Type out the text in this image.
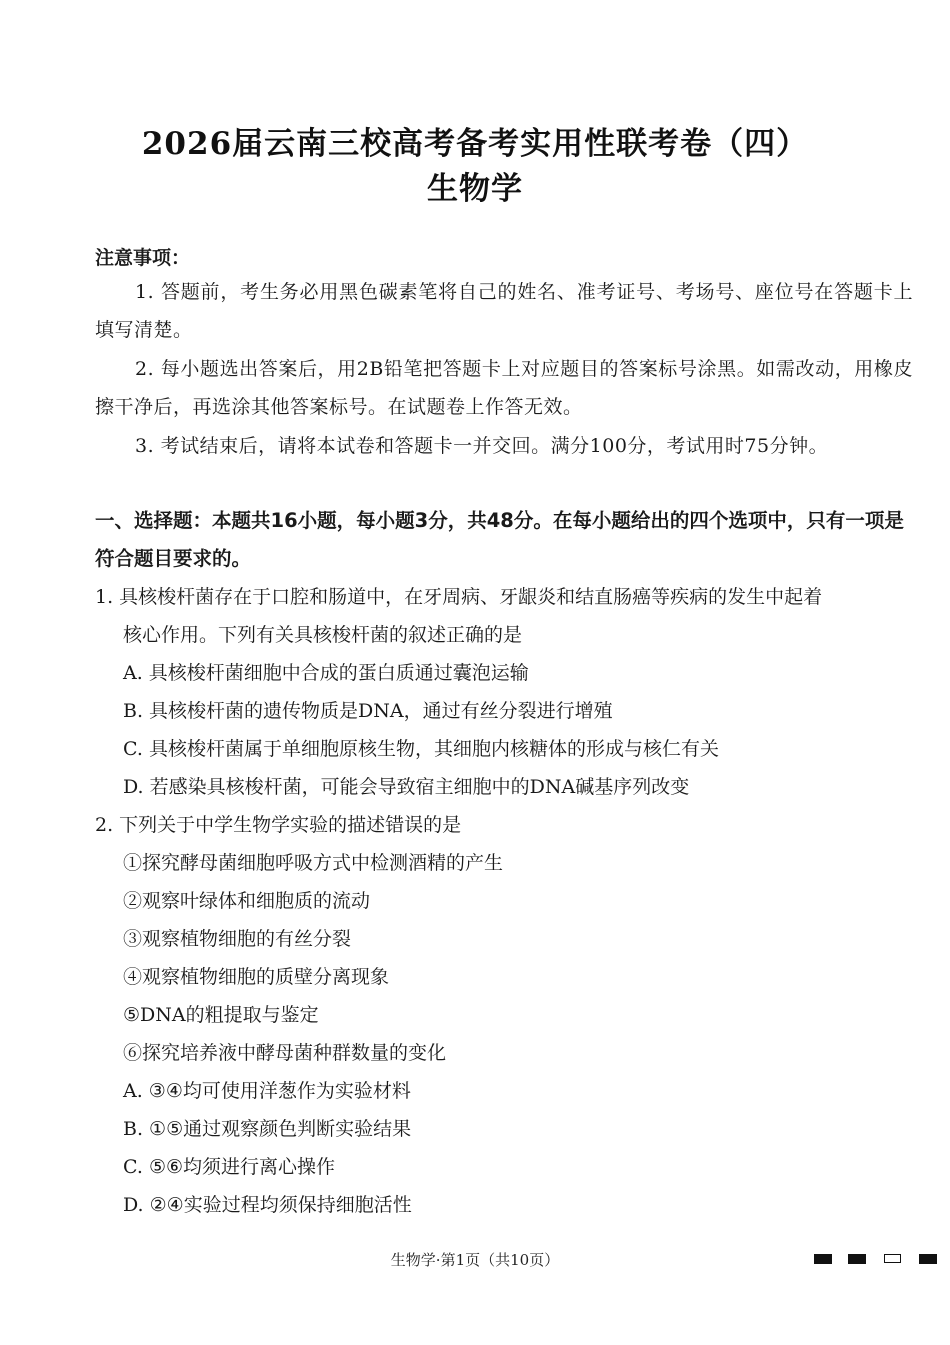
2026届云南三校高考备考实用性联考卷（四）
生物学
注意事项：
1. 答题前，考生务必用黑色碳素笔将自己的姓名、准考证号、考场号、座位号在答题卡上填写清楚。
2. 每小题选出答案后，用2B铅笔把答题卡上对应题目的答案标号涂黑。如需改动，用橡皮擦干净后，再选涂其他答案标号。在试题卷上作答无效。
3. 考试结束后，请将本试卷和答题卡一并交回。满分100分，考试用时75分钟。
一、选择题：本题共16小题，每小题3分，共48分。在每小题给出的四个选项中，只有一项是符合题目要求的。
1. 具核梭杆菌存在于口腔和肠道中，在牙周病、牙龈炎和结直肠癌等疾病的发生中起着
核心作用。下列有关具核梭杆菌的叙述正确的是
A. 具核梭杆菌细胞中合成的蛋白质通过囊泡运输
B. 具核梭杆菌的遗传物质是DNA，通过有丝分裂进行增殖
C. 具核梭杆菌属于单细胞原核生物，其细胞内核糖体的形成与核仁有关
D. 若感染具核梭杆菌，可能会导致宿主细胞中的DNA碱基序列改变
2. 下列关于中学生物学实验的描述错误的是
①探究酵母菌细胞呼吸方式中检测酒精的产生
②观察叶绿体和细胞质的流动
③观察植物细胞的有丝分裂
④观察植物细胞的质壁分离现象
⑤DNA的粗提取与鉴定
⑥探究培养液中酵母菌种群数量的变化
A. ③④均可使用洋葱作为实验材料
B. ①⑤通过观察颜色判断实验结果
C. ⑤⑥均须进行离心操作
D. ②④实验过程均须保持细胞活性
生物学·第1页（共10页）
